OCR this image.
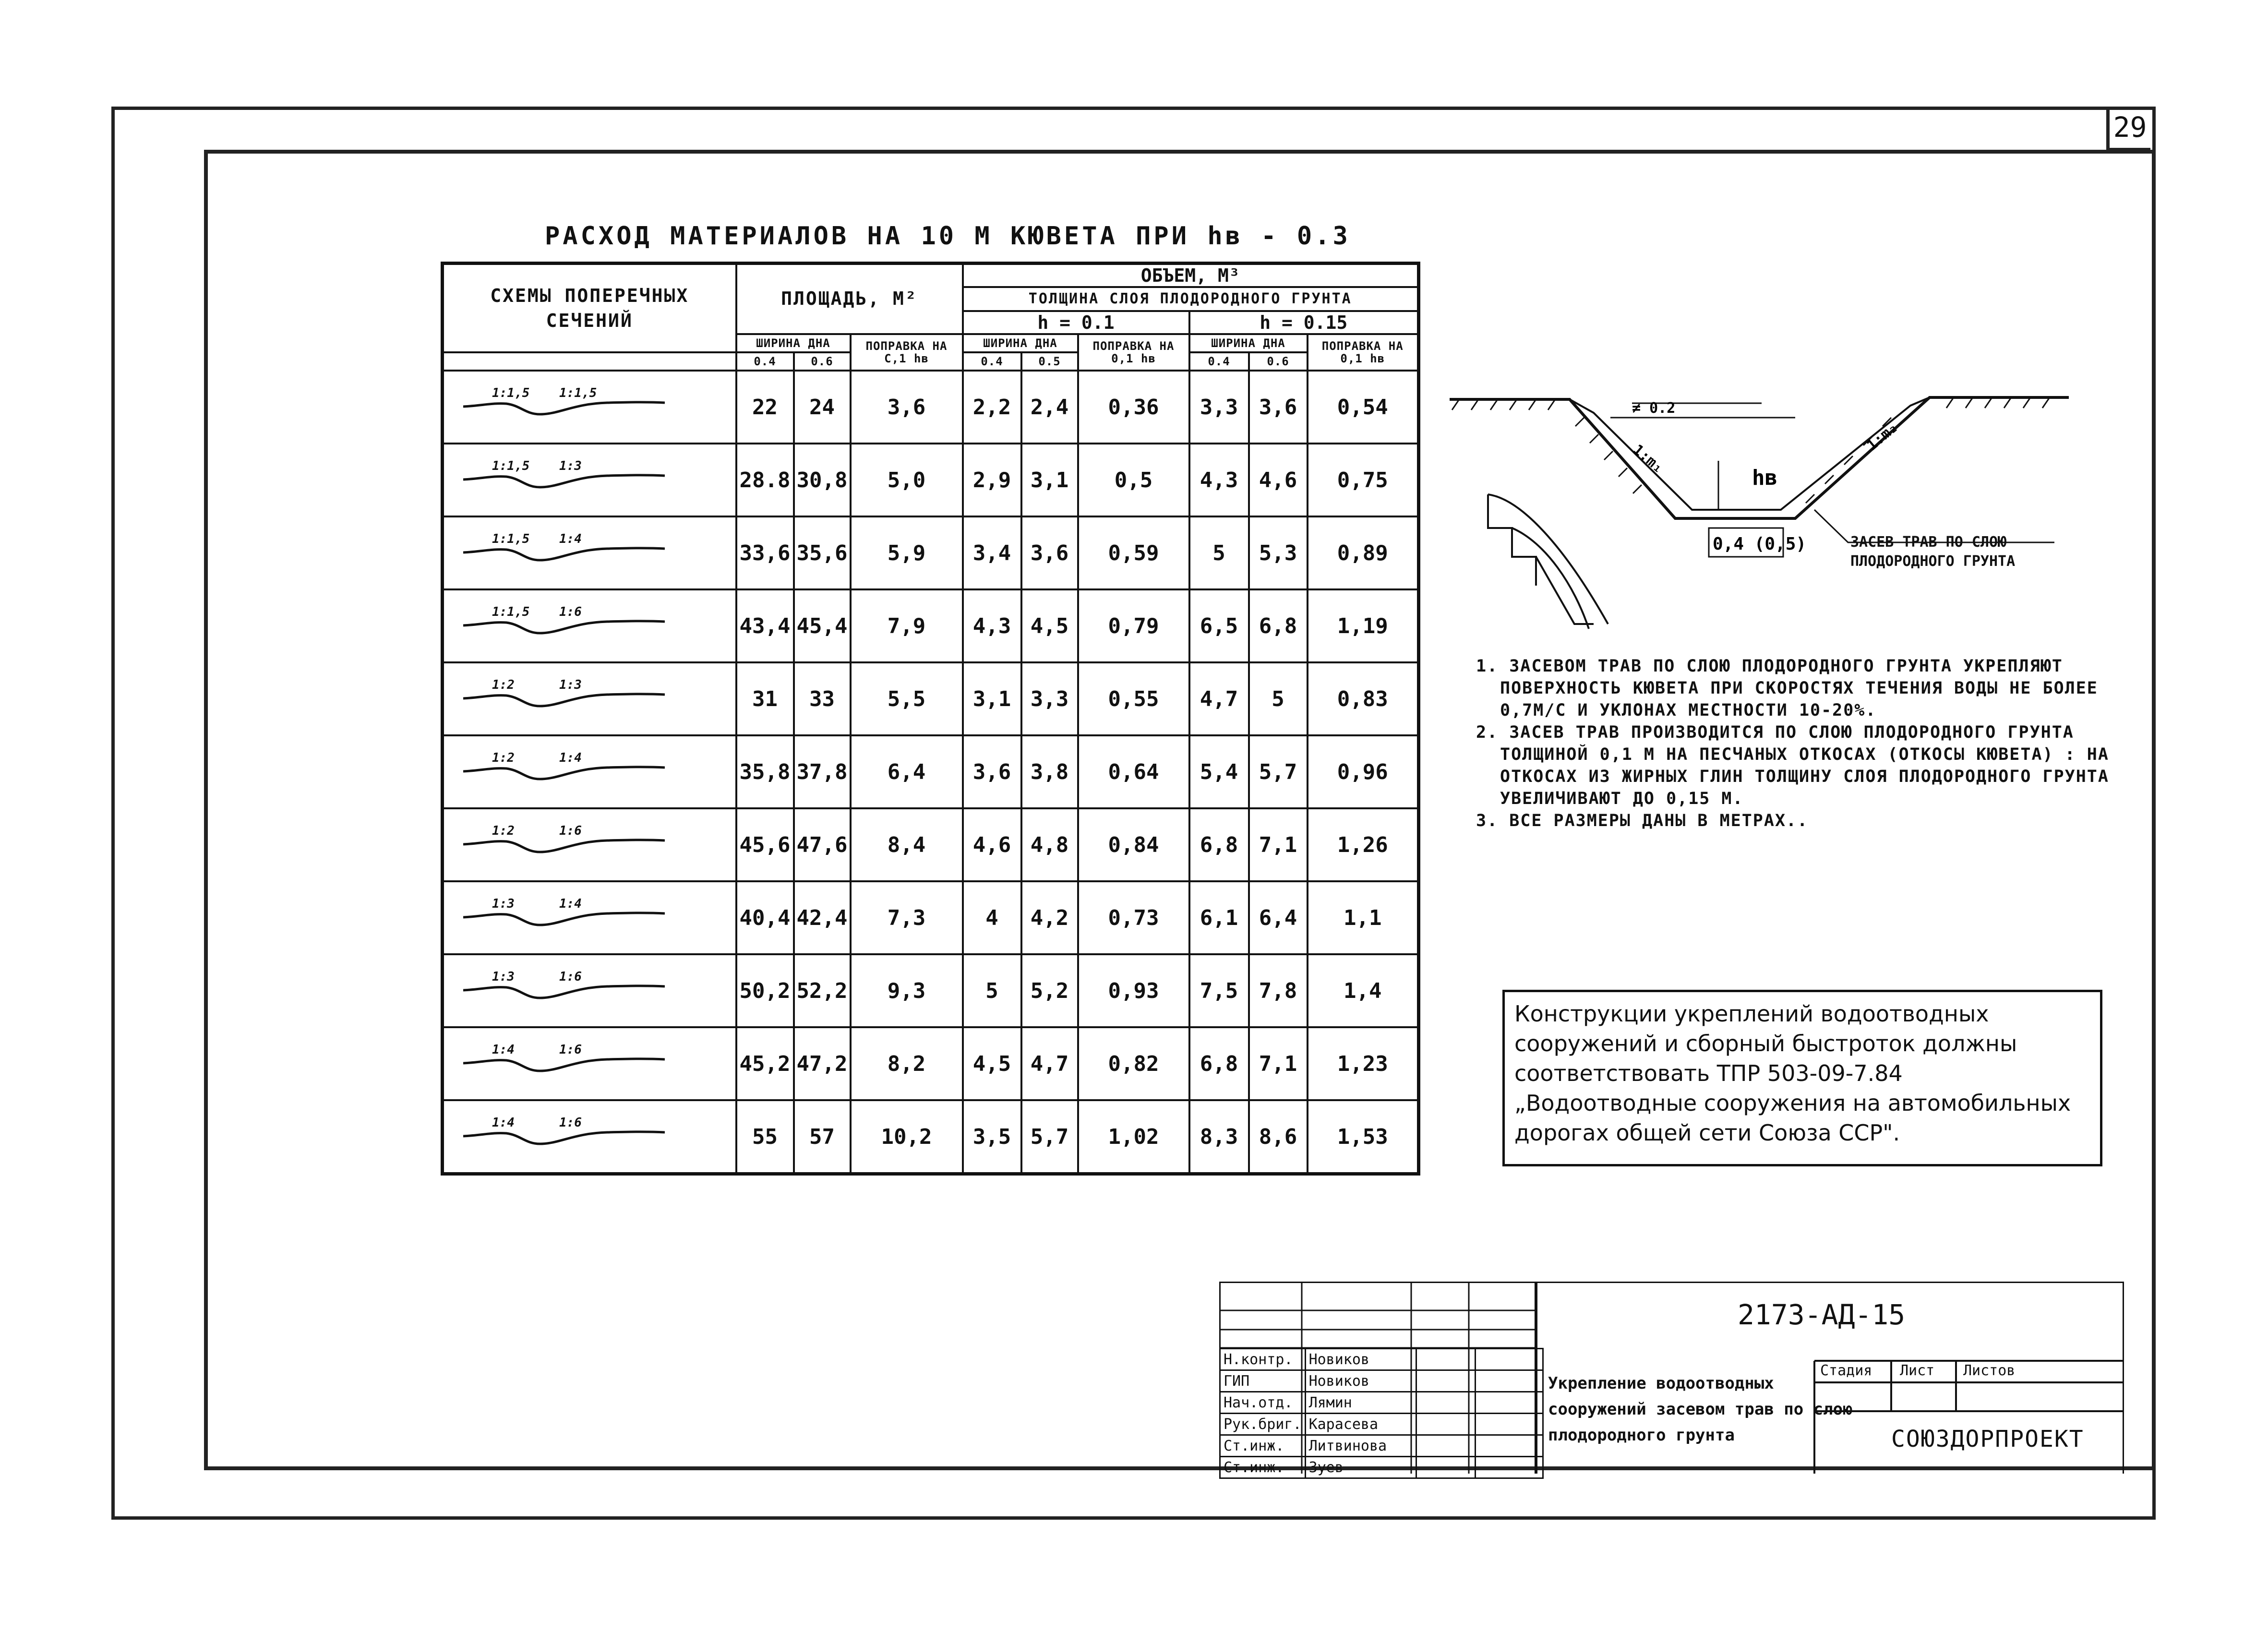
29
РАСХОД МАТЕРИАЛОВ НА 10 М КЮВЕТА ПРИ hв - 0.3
СХЕМЫ ПОПЕРЕЧНЫХ СЕЧЕНИЙ	ПЛОЩАДЬ, М²			ОБЪЕМ, М³					
				ТОЛЩИНА СЛОЯ ПЛОДОРОДНОГО ГРУНТА					
				h = 0.1			h = 0.15		
	ШИРИНА ДНА		ПОПРАВКА НА С,1 hв	ШИРИНА ДНА		ПОПРАВКА НА 0,1 hв	ШИРИНА ДНА		ПОПРАВКА НА 0,1 hв
	0.4	0.6		0.4	0.5		0.4	0.6	

1:1,5 1:1,5	22	24	3,6	2,2	2,4	0,36	3,3	3,6	0,54

1:1,5 1:3	28.8	30,8	5,0	2,9	3,1	0,5	4,3	4,6	0,75

1:1,5 1:4	33,6	35,6	5,9	3,4	3,6	0,59	5	5,3	0,89

1:1,5 1:6	43,4	45,4	7,9	4,3	4,5	0,79	6,5	6,8	1,19

1:2 1:3	31	33	5,5	3,1	3,3	0,55	4,7	5	0,83

1:2 1:4	35,8	37,8	6,4	3,6	3,8	0,64	5,4	5,7	0,96

1:2 1:6	45,6	47,6	8,4	4,6	4,8	0,84	6,8	7,1	1,26

1:3 1:4	40,4	42,4	7,3	4	4,2	0,73	6,1	6,4	1,1

1:3 1:6	50,2	52,2	9,3	5	5,2	0,93	7,5	7,8	1,4

1:4 1:6	45,2	47,2	8,2	4,5	4,7	0,82	6,8	7,1	1,23

1:4 1:6	55	57	10,2	3,5	5,7	1,02	8,3	8,6	1,53
≠ 0.2
1:m₁
1:m₂
hв
0,4 (0,5)	ЗАСЕВ ТРАВ ПО СЛОЮ ПЛОДОРОДНОГО ГРУНТА

1. ЗАСЕВОМ ТРАВ ПО СЛОЮ ПЛОДОРОДНОГО ГРУНТА УКРЕПЛЯЮТ ПОВЕРХНОСТЬ КЮВЕТА ПРИ СКОРОСТЯХ ТЕЧЕНИЯ ВОДЫ НЕ БОЛЕЕ 0,7М/С И УКЛОНАХ МЕСТНОСТИ 10-20%.

2. ЗАСЕВ ТРАВ ПРОИЗВОДИТСЯ ПО СЛОЮ ПЛОДОРОДНОГО ГРУНТА ТОЛЩИНОЙ 0,1 М НА ПЕСЧАНЫХ ОТКОСАХ (ОТКОСЫ КЮВЕТА) : НА ОТКОСАХ ИЗ ЖИРНЫХ ГЛИН ТОЛЩИНУ СЛОЯ ПЛОДОРОДНОГО ГРУНТА УВЕЛИЧИВАЮТ ДО 0,15 М.

3. ВСЕ РАЗМЕРЫ ДАНЫ В МЕТРАХ..

Конструкции укреплений водоотводных сооружений и сборный быстроток должны соответствовать ТПР 503-09-7.84 „Водоотводные сооружения на автомобильных дорогах общей сети Союза ССР".
Н.контр.	Новиков		
ГИП	Новиков		
Нач.отд.	Лямин		
Рук.бриг.	Карасева		
Ст.инж.	Литвинова		
Ст.инж.	Зуев		
Стадия Лист Листов
2173-АД-15
Укрепление водоотводных сооружений засевом трав по слою плодородного грунта	СОЮЗДОРПРОЕКТ
